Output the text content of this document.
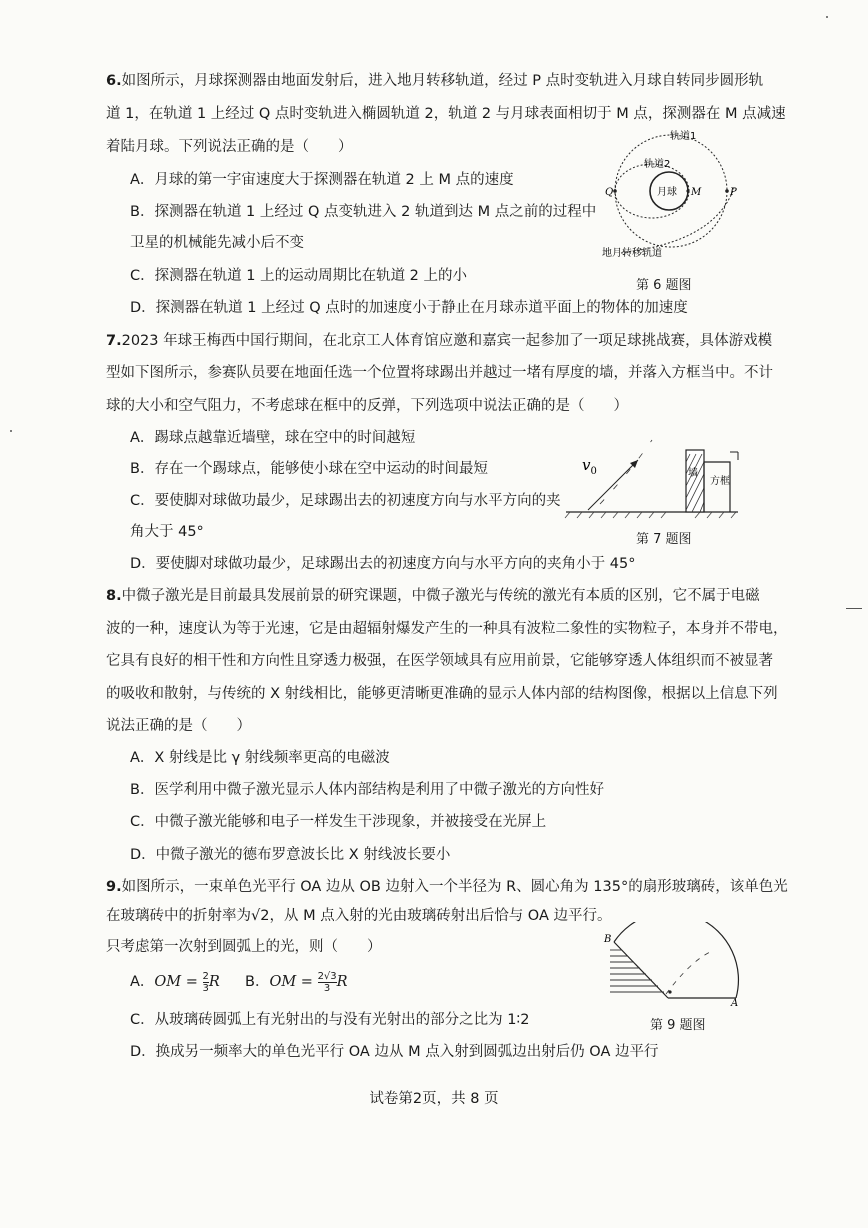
6.如图所示，月球探测器由地面发射后，进入地月转移轨道，经过 P 点时变轨进入月球自转同步圆形轨
道 1，在轨道 1 上经过 Q 点时变轨进入椭圆轨道 2，轨道 2 与月球表面相切于 M 点，探测器在 M 点减速
着陆月球。下列说法正确的是（　　）
A．月球的第一宇宙速度大于探测器在轨道 2 上 M 点的速度
B．探测器在轨道 1 上经过 Q 点变轨进入 2 轨道到达 M 点之前的过程中
卫星的机械能先减小后不变
C．探测器在轨道 1 上的运动周期比在轨道 2 上的小
D．探测器在轨道 1 上经过 Q 点时的加速度小于静止在月球赤道平面上的物体的加速度
轨道1
轨道2
月球
Q	M	P
地月转移轨道
第 6 题图
7.2023 年球王梅西中国行期间，在北京工人体育馆应邀和嘉宾一起参加了一项足球挑战赛，具体游戏模
型如下图所示，参赛队员要在地面任选一个位置将球踢出并越过一堵有厚度的墙，并落入方框当中。不计
球的大小和空气阻力，不考虑球在框中的反弹，下列选项中说法正确的是（　　）
A．踢球点越靠近墙壁，球在空中的时间越短
B．存在一个踢球点，能够使小球在空中运动的时间最短
C．要使脚对球做功最少，足球踢出去的初速度方向与水平方向的夹
角大于 45°
D．要使脚对球做功最少，足球踢出去的初速度方向与水平方向的夹角小于 45°
$v_0$	墙
方框
第 7 题图
8.中微子激光是目前最具发展前景的研究课题，中微子激光与传统的激光有本质的区别，它不属于电磁
波的一种，速度认为等于光速，它是由超辐射爆发产生的一种具有波粒二象性的实物粒子，本身并不带电，
它具有良好的相干性和方向性且穿透力极强，在医学领域具有应用前景，它能够穿透人体组织而不被显著
的吸收和散射，与传统的 X 射线相比，能够更清晰更准确的显示人体内部的结构图像，根据以上信息下列
说法正确的是（　　）
A．X 射线是比 γ 射线频率更高的电磁波
B．医学利用中微子激光显示人体内部结构是利用了中微子激光的方向性好
C．中微子激光能够和电子一样发生干涉现象，并被接受在光屏上
D．中微子激光的德布罗意波长比 X 射线波长要小
9.如图所示，一束单色光平行 OA 边从 OB 边射入一个半径为 R、圆心角为 135°的扇形玻璃砖，该单色光
在玻璃砖中的折射率为√2，从 M 点入射的光由玻璃砖射出后恰与 OA 边平行。
只考虑第一次射到圆弧上的光，则（　　）
A．OM = $\frac{2}{3}$ R B．OM = $\frac{2√3}{3}$ R
C．从玻璃砖圆弧上有光射出的与没有光射出的部分之比为 1∶2
D．换成另一频率大的单色光平行 OA 边从 M 点入射到圆弧边出射后仍 OA 边平行
B
A
第 9 题图
试卷第2页，共 8 页
